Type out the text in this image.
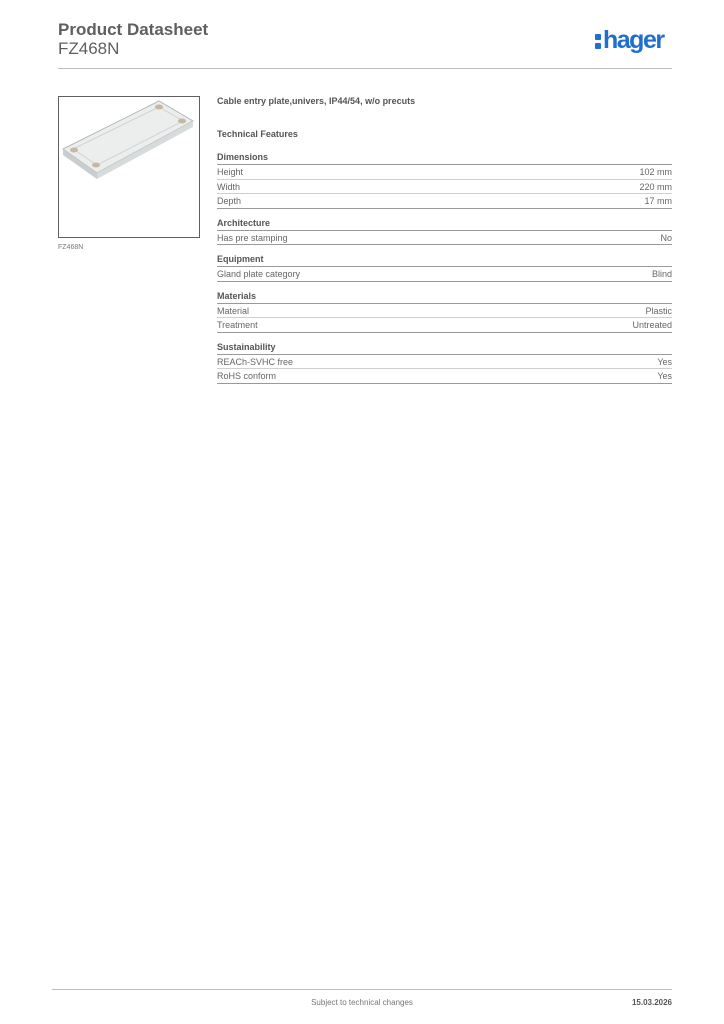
Product Datasheet
FZ468N	hager
FZ468N
Cable entry plate,univers, IP44/54, w/o precuts
Technical Features
Dimensions
Height	102 mm
Width	220 mm
Depth	17 mm
Architecture
Has pre stamping	No
Equipment
Gland plate category	Blind
Materials
Material	Plastic
Treatment	Untreated
Sustainability
REACh-SVHC free	Yes
RoHS conform	Yes
Subject to technical changes	15.03.2026
